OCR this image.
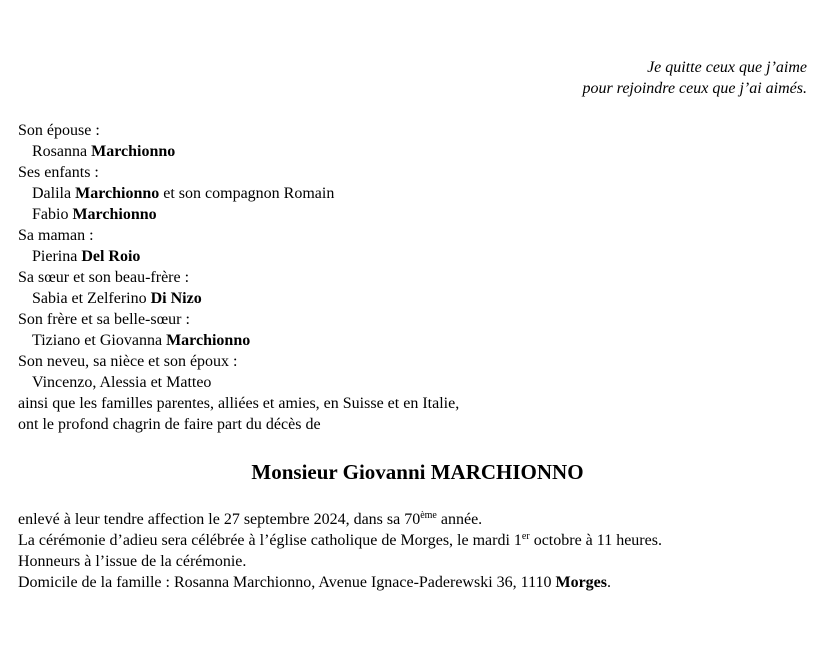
Je quitte ceux que j’aime
pour rejoindre ceux que j’ai aimés.
Son épouse :
Rosanna Marchionno
Ses enfants :
Dalila Marchionno et son compagnon Romain
Fabio Marchionno
Sa maman :
Pierina Del Roio
Sa sœur et son beau-frère :
Sabia et Zelferino Di Nizo
Son frère et sa belle-sœur :
Tiziano et Giovanna Marchionno
Son neveu, sa nièce et son époux :
Vincenzo, Alessia et Matteo
ainsi que les familles parentes, alliées et amies, en Suisse et en Italie,
ont le profond chagrin de faire part du décès de
Monsieur Giovanni MARCHIONNO
enlevé à leur tendre affection le 27 septembre 2024, dans sa 70ème année.
La cérémonie d’adieu sera célébrée à l’église catholique de Morges, le mardi 1er octobre à 11 heures.
Honneurs à l’issue de la cérémonie.
Domicile de la famille : Rosanna Marchionno, Avenue Ignace-Paderewski 36, 1110 Morges.
